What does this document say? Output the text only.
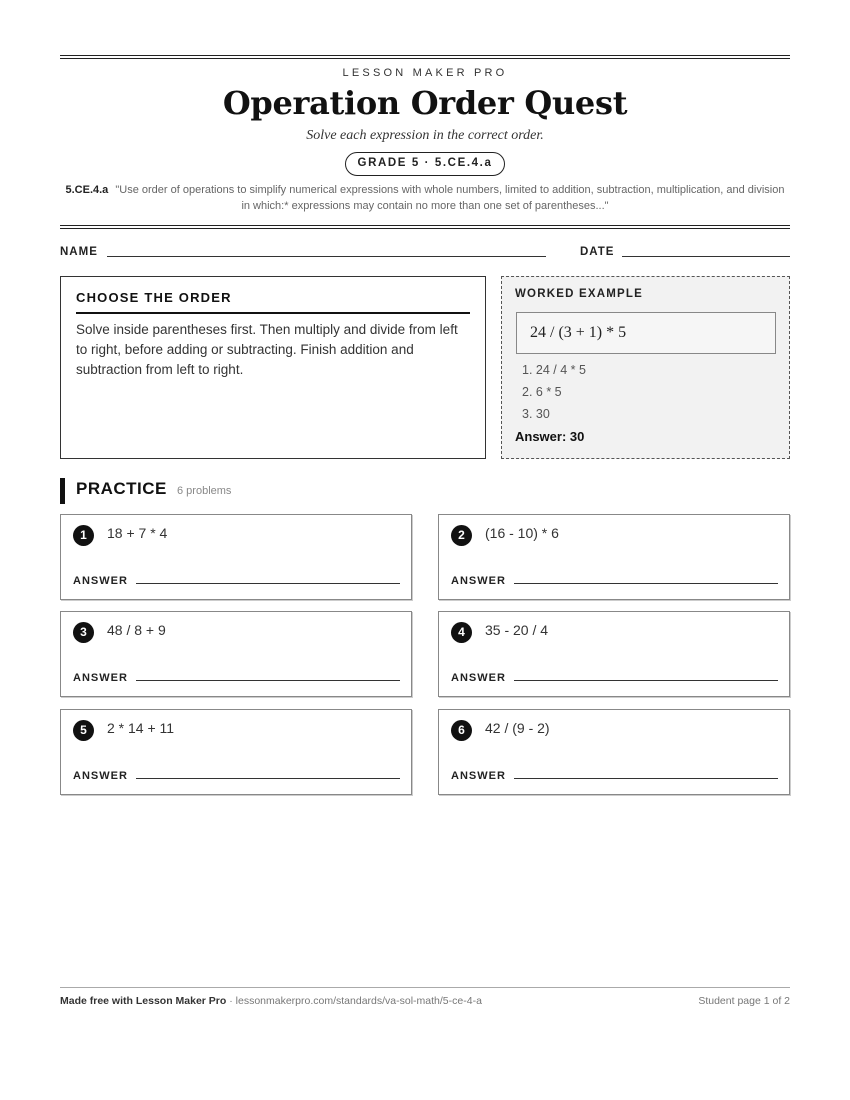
LESSON MAKER PRO
Operation Order Quest
Solve each expression in the correct order.
GRADE 5 · 5.CE.4.a
5.CE.4.a "Use order of operations to simplify numerical expressions with whole numbers, limited to addition, subtraction, multiplication, and division in which:* expressions may contain no more than one set of parentheses..."
NAME	DATE
CHOOSE THE ORDER
Solve inside parentheses first. Then multiply and divide from left to right, before adding or subtracting. Finish addition and subtraction from left to right.
WORKED EXAMPLE
24 / (3 + 1) * 5
1. 24 / 4 * 5
2. 6 * 5
3. 30
Answer: 30
PRACTICE 6 problems
1	18 + 7 * 4
ANSWER
2	(16 - 10) * 6
ANSWER
3	48 / 8 + 9
ANSWER
4	35 - 20 / 4
ANSWER
5	2 * 14 + 11
ANSWER
6	42 / (9 - 2)
ANSWER
Made free with Lesson Maker Pro · lessonmakerpro.com/standards/va-sol-math/5-ce-4-a	Student page 1 of 2
